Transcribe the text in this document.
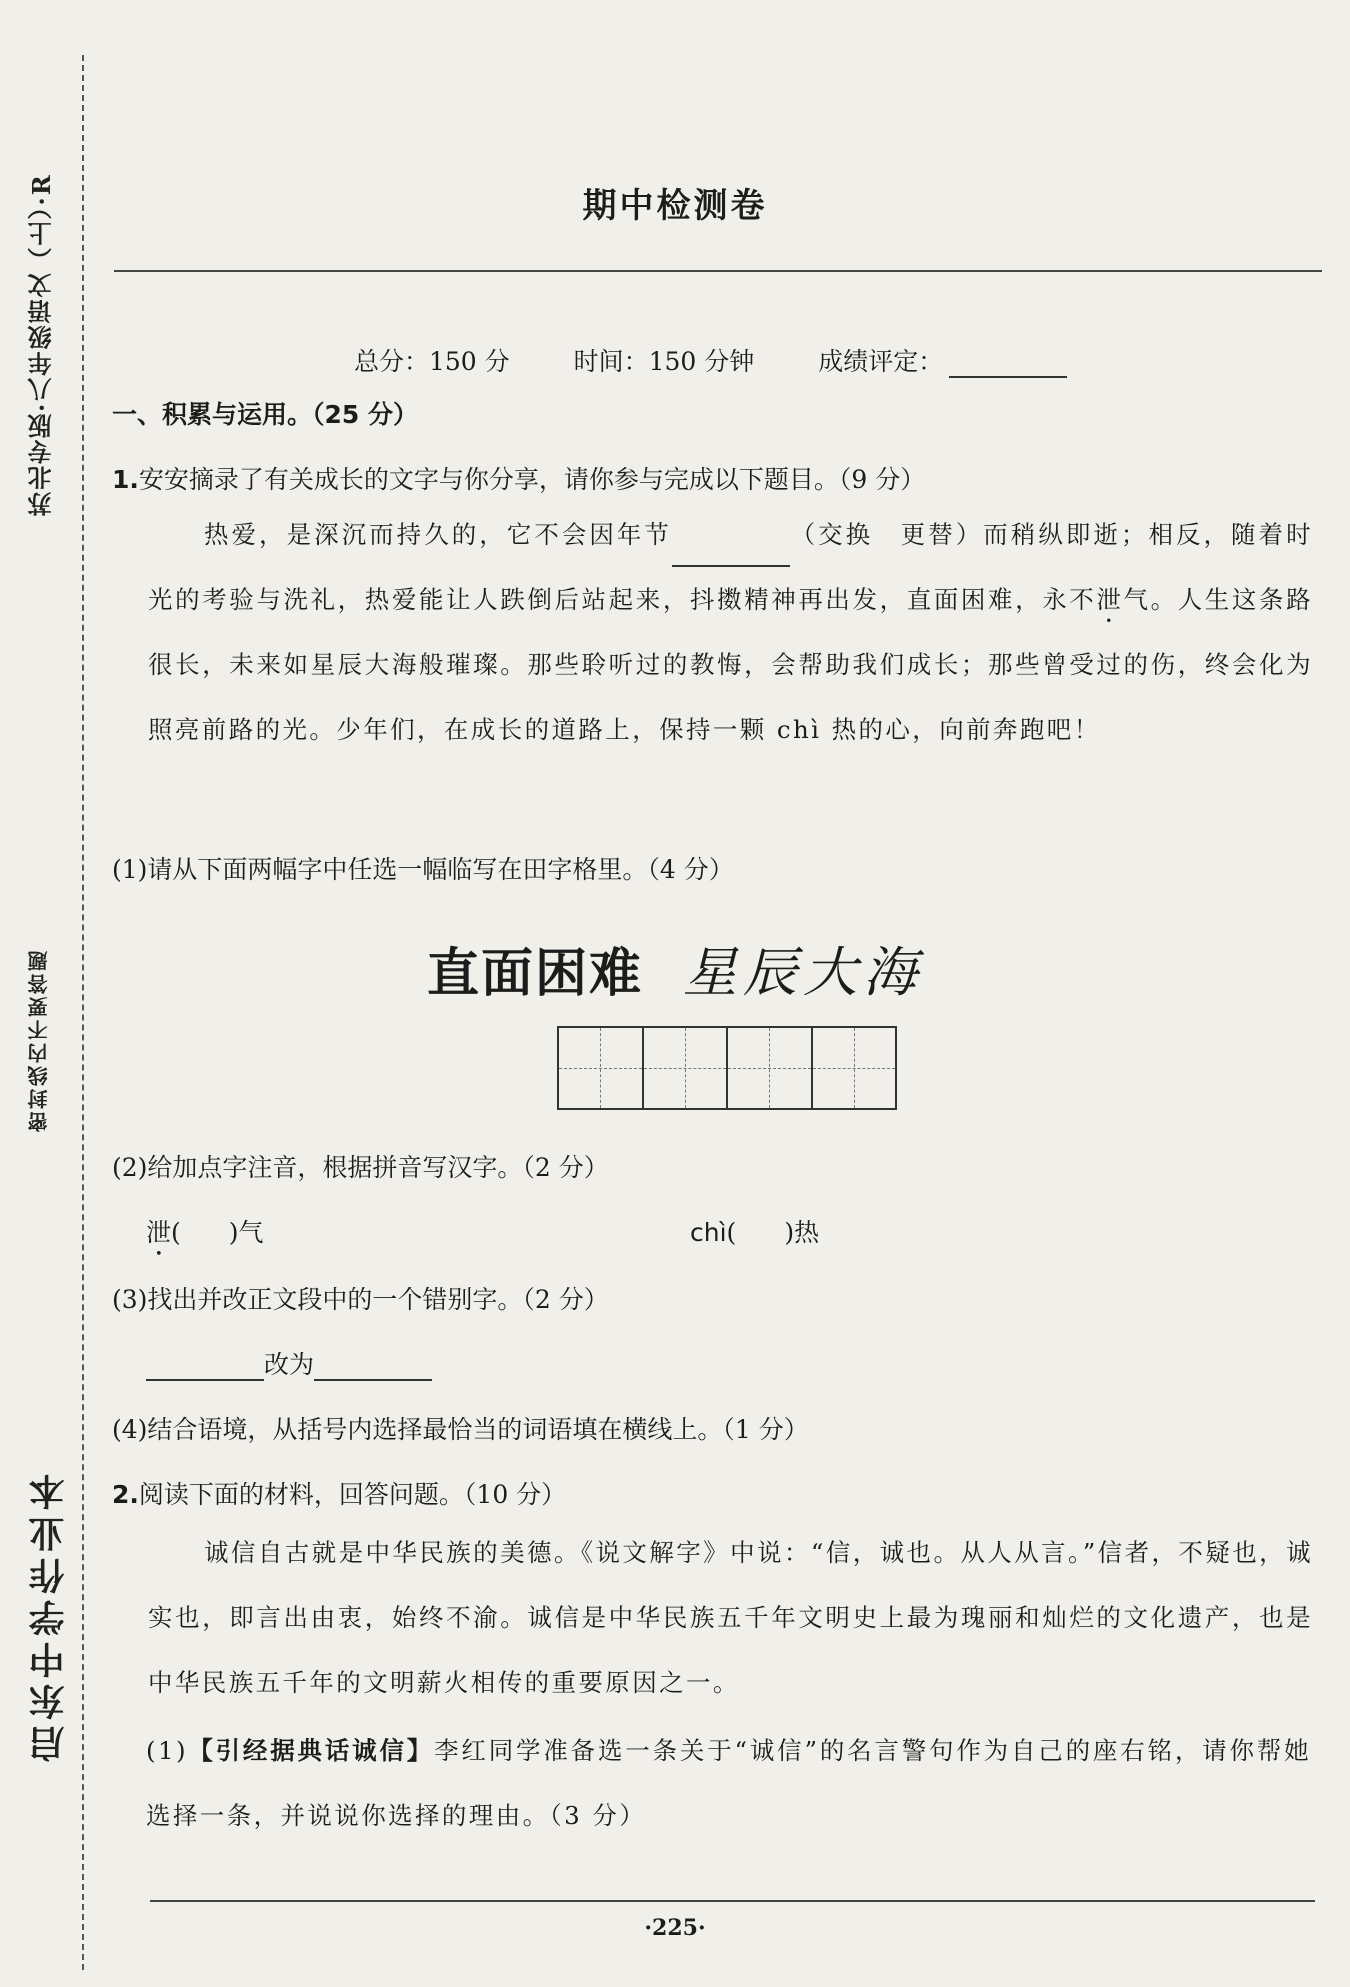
苏北专版·八年级语文（上）·R
密封线内不要答题
启东中学作业本
期中检测卷
总分：150 分	时间：150 分钟	成绩评定：
一、积累与运用。（25 分）
1.安安摘录了有关成长的文字与你分享，请你参与完成以下题目。（9 分）
热爱，是深沉而持久的，它不会因年节	（交换　更替）而稍纵即逝；相反，随着时光的考验与洗礼，热爱能让人跌倒后站起来，抖擞精神再出发，直面困难，永不泄气。人生这条路很长，未来如星辰大海般璀璨。那些聆听过的教悔，会帮助我们成长；那些曾受过的伤，终会化为照亮前路的光。少年们，在成长的道路上，保持一颗 chì 热的心，向前奔跑吧！
(1)请从下面两幅字中任选一幅临写在田字格里。（4 分）
直面困难 星辰大海
(2)给加点字注音，根据拼音写汉字。（2 分）
泄( )气	chì( )热
(3)找出并改正文段中的一个错别字。（2 分）
改为
(4)结合语境，从括号内选择最恰当的词语填在横线上。（1 分）
2.阅读下面的材料，回答问题。（10 分）
诚信自古就是中华民族的美德。《说文解字》中说：“信，诚也。从人从言。”信者，不疑也，诚实也，即言出由衷，始终不渝。诚信是中华民族五千年文明史上最为瑰丽和灿烂的文化遗产，也是中华民族五千年的文明薪火相传的重要原因之一。
(1)【引经据典话诚信】李红同学准备选一条关于“诚信”的名言警句作为自己的座右铭，请你帮她选择一条，并说说你选择的理由。（3 分）
·225·
